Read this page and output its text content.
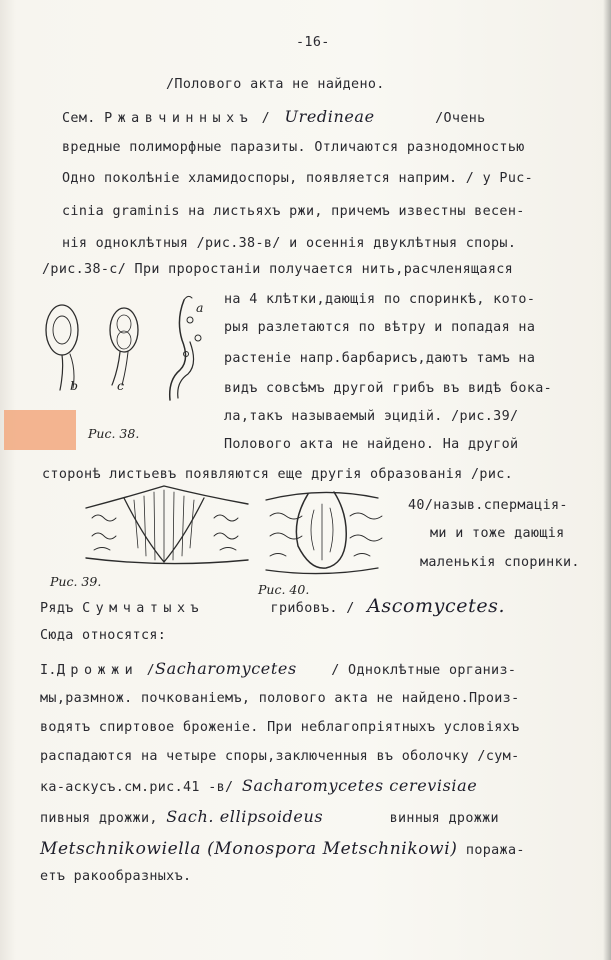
-16-
/Полового акта не найдено.
Сем. Ржавчинныхъ / Uredineae	/Очень
вредные полиморфные паразиты. Отличаются разнодомностью
Одно поколѣніе хламидоспоры, появляется наприм. / у Puc-
cinia graminis на листьяхъ ржи, причемъ известны весен-
нія одноклѣтныя /рис.38-в/ и осеннія двуклѣтныя споры.
/рис.38-с/ При проростаніи получается нить,расчленящаяся
на 4 клѣтки,дающія по споринкѣ, кото-
рыя разлетаются по вѣтру и попадая на
растеніе напр.барбарисъ,даютъ тамъ на
видъ совсѣмъ другой грибъ въ видѣ бока-
ла,такъ называемый эцидій. /рис.39/
Полового акта не найдено. На другой
сторонѣ листьевъ появляются еще другія образованія /рис.
40/назыв.спермацiя-
ми и тоже дающія
маленькія споринки.
Рядъ Сумчатыхъ	грибовъ. / Ascomycetes.
Сюда относятся:
I.Дрожжи /Sacharomycetes	/ Одноклѣтные организ-
мы,размнож. почкованіемъ, полового акта не найдено.Произ-
водятъ спиртовое броженіе. При неблагопріятныхъ условіяхъ
распадаются на четыре споры,заключенныя въ оболочку /сум-
ка-аскусъ.см.рис.41 -в/ Sacharomycetes cerevisiae
пивныя дрожжи, Sach. ellipsoideus	винныя дрожжи
Metschnikowiella (Monospora Metschnikowi) поража-
етъ ракообразныхъ.
b	c
a
Рис. 38.
Рис. 39.
Рис. 40.
